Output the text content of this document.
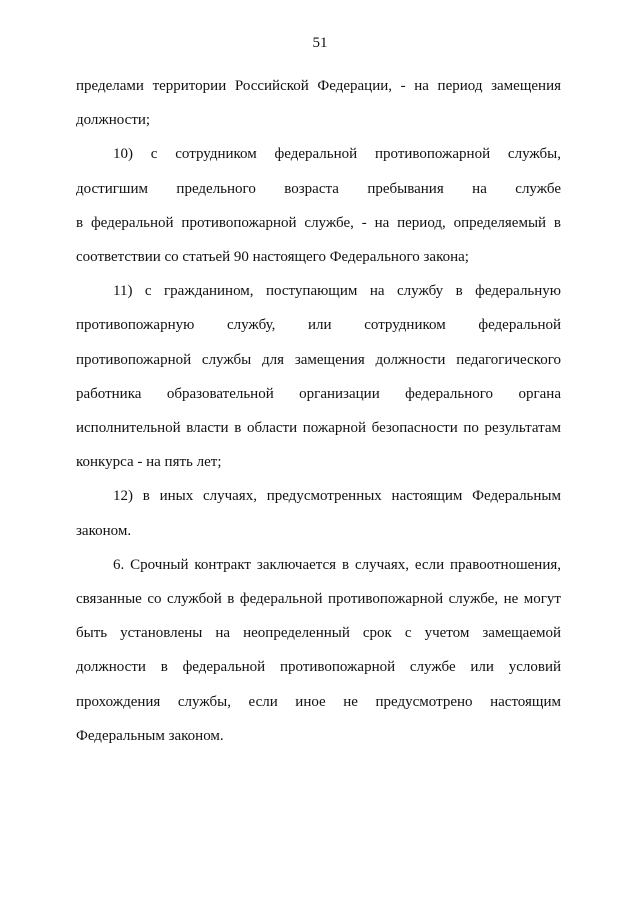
51

пределами территории Российской Федерации, - на период замещения

должности;

10) с сотрудником федеральной противопожарной службы,

достигшим предельного возраста пребывания на службе

в федеральной противопожарной службе, - на период, определяемый в

соответствии со статьей 90 настоящего Федерального закона;

11) с гражданином, поступающим на службу в федеральную

противопожарную службу, или сотрудником федеральной

противопожарной службы для замещения должности педагогического

работника образовательной организации федерального органа

исполнительной власти в области пожарной безопасности по результатам

конкурса - на пять лет;

12) в иных случаях, предусмотренных настоящим Федеральным

законом.

6. Срочный контракт заключается в случаях, если правоотношения,

связанные со службой в федеральной противопожарной службе, не могут

быть установлены на неопределенный срок с учетом замещаемой

должности в федеральной противопожарной службе или условий

прохождения службы, если иное не предусмотрено настоящим

Федеральным законом.
